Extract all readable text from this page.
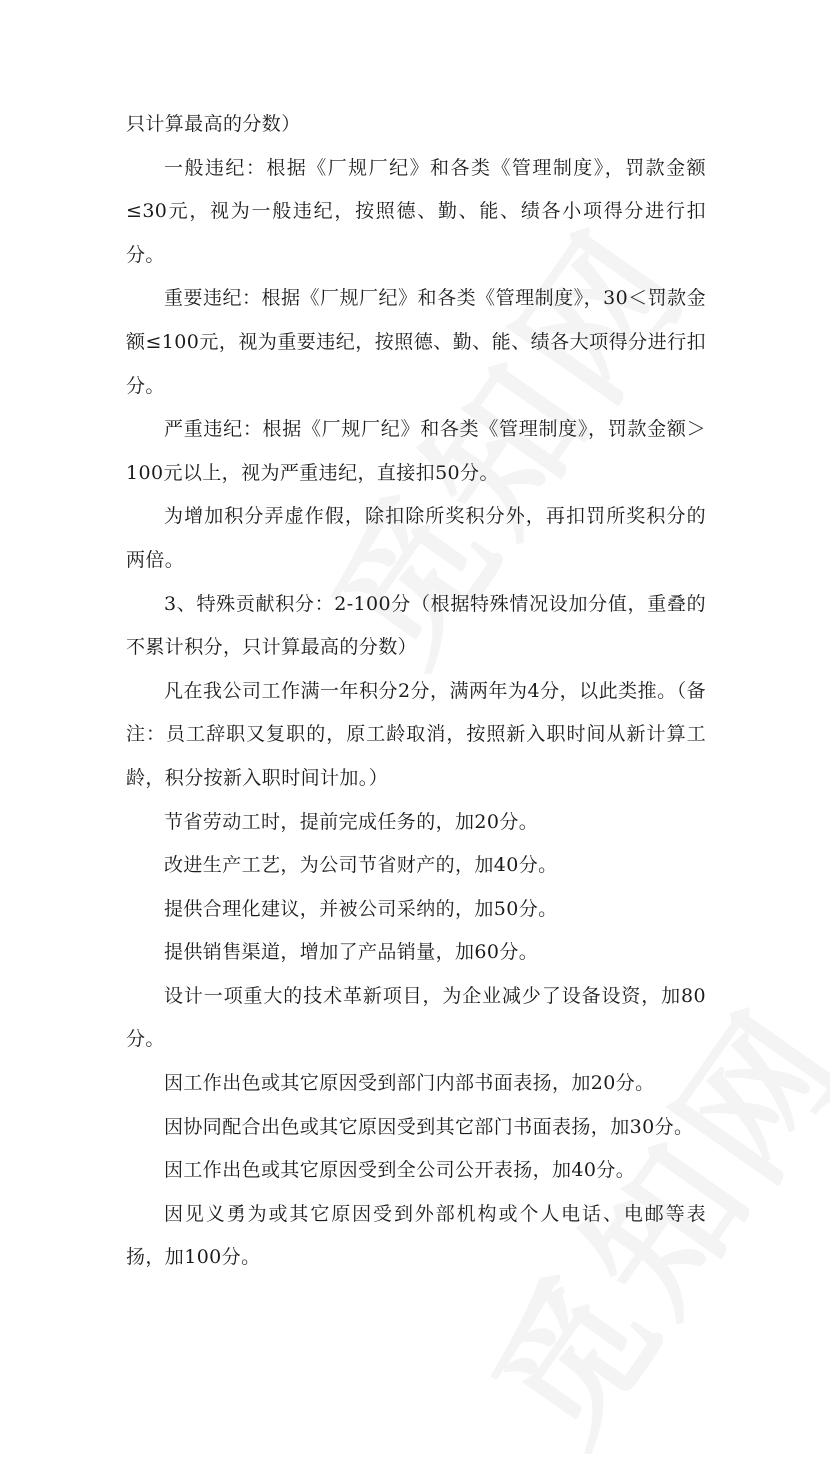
只计算最高的分数）

一般违纪：根据《厂规厂纪》和各类《管理制度》，罚款金额≤30元，视为一般违纪，按照德、勤、能、绩各小项得分进行扣分。

重要违纪：根据《厂规厂纪》和各类《管理制度》，30＜罚款金额≤100元，视为重要违纪，按照德、勤、能、绩各大项得分进行扣分。

严重违纪：根据《厂规厂纪》和各类《管理制度》，罚款金额＞100元以上，视为严重违纪，直接扣50分。

为增加积分弄虚作假，除扣除所奖积分外，再扣罚所奖积分的两倍。

3、特殊贡献积分：2-100分（根据特殊情况设加分值，重叠的不累计积分，只计算最高的分数）

凡在我公司工作满一年积分2分，满两年为4分，以此类推。（备注：员工辞职又复职的，原工龄取消，按照新入职时间从新计算工龄，积分按新入职时间计加。）

节省劳动工时，提前完成任务的，加20分。

改进生产工艺，为公司节省财产的，加40分。

提供合理化建议，并被公司采纳的，加50分。

提供销售渠道，增加了产品销量，加60分。

设计一项重大的技术革新项目，为企业减少了设备设资，加80分。

因工作出色或其它原因受到部门内部书面表扬，加20分。

因协同配合出色或其它原因受到其它部门书面表扬，加30分。

因工作出色或其它原因受到全公司公开表扬，加40分。

因见义勇为或其它原因受到外部机构或个人电话、电邮等表扬，加100分。
